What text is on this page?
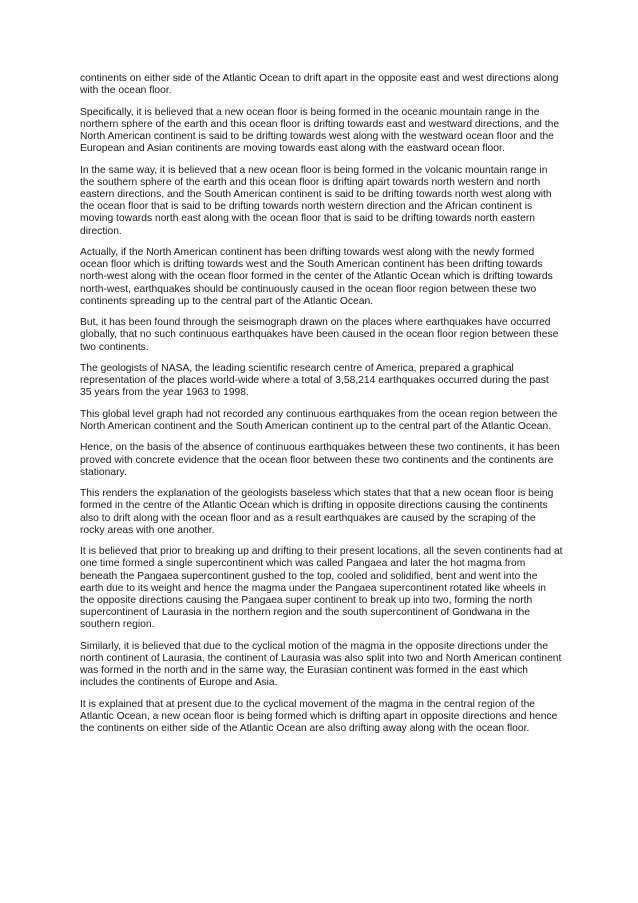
continents on either side of the Atlantic Ocean to drift apart in the opposite east and west directions along with the ocean floor.

Specifically, it is believed that a new ocean floor is being formed in the oceanic mountain range in the northern sphere of the earth and this ocean floor is drifting towards east and westward directions, and the North American continent is said to be drifting towards west along with the westward ocean floor and the European and Asian continents are moving towards east along with the eastward ocean floor.

In the same way, it is believed that a new ocean floor is being formed in the volcanic mountain range in the southern sphere of the earth and this ocean floor is drifting apart towards north western and north eastern directions, and the South American continent is said to be drifting towards north west along with the ocean floor that is said to be drifting towards north western direction and the African continent is moving towards north east along with the ocean floor that is said to be drifting towards north eastern direction.

Actually, if the North American continent has been drifting towards west along with the newly formed ocean floor which is drifting towards west and the South American continent has been drifting towards north-west along with the ocean floor formed in the center of the Atlantic Ocean which is drifting towards north-west, earthquakes should be continuously caused in the ocean floor region between these two continents spreading up to the central part of the Atlantic Ocean.

But, it has been found through the seismograph drawn on the places where earthquakes have occurred globally, that no such continuous earthquakes have been caused in the ocean floor region between these two continents.

The geologists of NASA, the leading scientific research centre of America, prepared a graphical representation of the places world-wide where a total of 3,58,214 earthquakes occurred during the past 35 years from the year 1963 to 1998.

This global level graph had not recorded any continuous earthquakes from the ocean region between the North American continent and the South American continent up to the central part of the Atlantic Ocean.

Hence, on the basis of the absence of continuous earthquakes between these two continents, it has been proved with concrete evidence that the ocean floor between these two continents and the continents are stationary.

This renders the explanation of the geologists baseless which states that that a new ocean floor is being formed in the centre of the Atlantic Ocean which is drifting in opposite directions causing the continents also to drift along with the ocean floor and as a result earthquakes are caused by the scraping of the rocky areas with one another.

It is believed that prior to breaking up and drifting to their present locations, all the seven continents had at one time formed a single supercontinent which was called Pangaea and later the hot magma from beneath the Pangaea supercontinent gushed to the top, cooled and solidified, bent and went into the earth due to its weight and hence the magma under the Pangaea supercontinent rotated like wheels in the opposite directions causing the Pangaea super continent to break up into two, forming the north supercontinent of Laurasia in the northern region and the south supercontinent of Gondwana in the southern region.

Similarly, it is believed that due to the cyclical motion of the magma in the opposite directions under the north continent of Laurasia, the continent of Laurasia was also split into two and North American continent was formed in the north and in the same way, the Eurasian continent was formed in the east which includes the continents of Europe and Asia.

It is explained that at present due to the cyclical movement of the magma in the central region of the Atlantic Ocean, a new ocean floor is being formed which is drifting apart in opposite directions and hence the continents on either side of the Atlantic Ocean are also drifting away along with the ocean floor.
